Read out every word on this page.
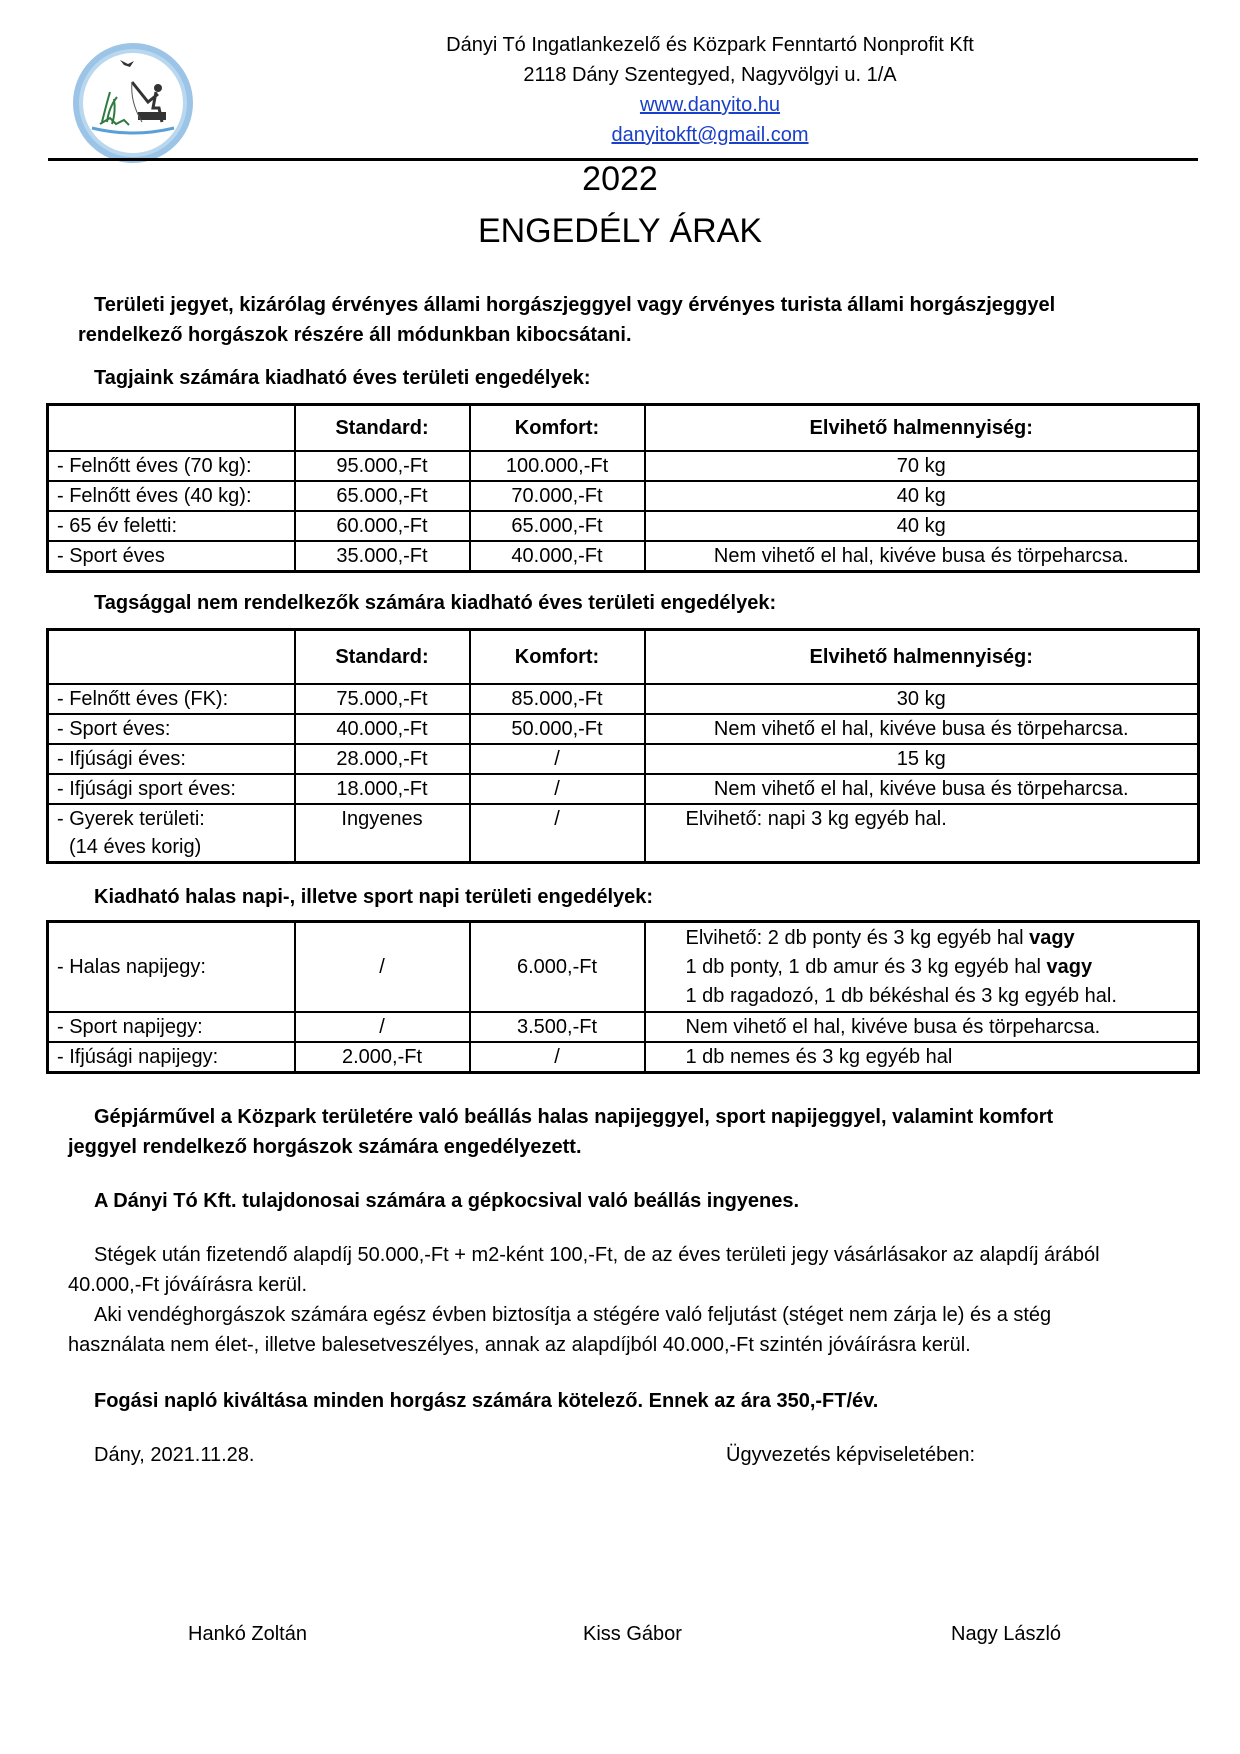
Dányi Tó Ingatlankezelő és Közpark Fenntartó Nonprofit Kft
2118 Dány Szentegyed, Nagyvölgyi u. 1/A
www.danyito.hu
danyitokft@gmail.com
2022
ENGEDÉLY ÁRAK
Területi jegyet, kizárólag érvényes állami horgászjeggyel vagy érvényes turista állami horgászjeggyel rendelkező horgászok részére áll módunkban kibocsátani.
Tagjaink számára kiadható éves területi engedélyek:
	Standard:	Komfort:	Elvihető halmennyiség:
- Felnőtt éves (70 kg):	95.000,-Ft	100.000,-Ft	70 kg
- Felnőtt éves (40 kg):	65.000,-Ft	70.000,-Ft	40 kg
- 65 év feletti:	60.000,-Ft	65.000,-Ft	40 kg
- Sport éves	35.000,-Ft	40.000,-Ft	Nem vihető el hal, kivéve busa és törpeharcsa.
Tagsággal nem rendelkezők számára kiadható éves területi engedélyek:
	Standard:	Komfort:	Elvihető halmennyiség:
- Felnőtt éves (FK):	75.000,-Ft	85.000,-Ft	30 kg
- Sport éves:	40.000,-Ft	50.000,-Ft	Nem vihető el hal, kivéve busa és törpeharcsa.
- Ifjúsági éves:	28.000,-Ft	/	15 kg
- Ifjúsági sport éves:	18.000,-Ft	/	Nem vihető el hal, kivéve busa és törpeharcsa.

- Gyerek területi:
(14 éves korig)	Ingyenes	/	Elvihető: napi 3 kg egyéb hal.
Kiadható halas napi-, illetve sport napi területi engedélyek:
- Halas napijegy:	/	6.000,-Ft	Elvihető: 2 db ponty és 3 kg egyéb hal vagy
1 db ponty, 1 db amur és 3 kg egyéb hal vagy
1 db ragadozó, 1 db békéshal és 3 kg egyéb hal.

- Sport napijegy:	/	3.500,-Ft	Nem vihető el hal, kivéve busa és törpeharcsa.
- Ifjúsági napijegy:	2.000,-Ft	/	1 db nemes és 3 kg egyéb hal
Gépjárművel a Közpark területére való beállás halas napijeggyel, sport napijeggyel, valamint komfort jeggyel rendelkező horgászok számára engedélyezett.
A Dányi Tó Kft. tulajdonosai számára a gépkocsival való beállás ingyenes.
Stégek után fizetendő alapdíj 50.000,-Ft + m2-ként 100,-Ft, de az éves területi jegy vásárlásakor az alapdíj árából 40.000,-Ft jóváírásra kerül.
Aki vendéghorgászok számára egész évben biztosítja a stégére való feljutást (stéget nem zárja le) és a stég használata nem élet-, illetve balesetveszélyes, annak az alapdíjból 40.000,-Ft szintén jóváírásra kerül.
Fogási napló kiváltása minden horgász számára kötelező. Ennek az ára 350,-FT/év.
Dány, 2021.11.28.	Ügyvezetés képviseletében:
Hankó Zoltán	Kiss Gábor	Nagy László
